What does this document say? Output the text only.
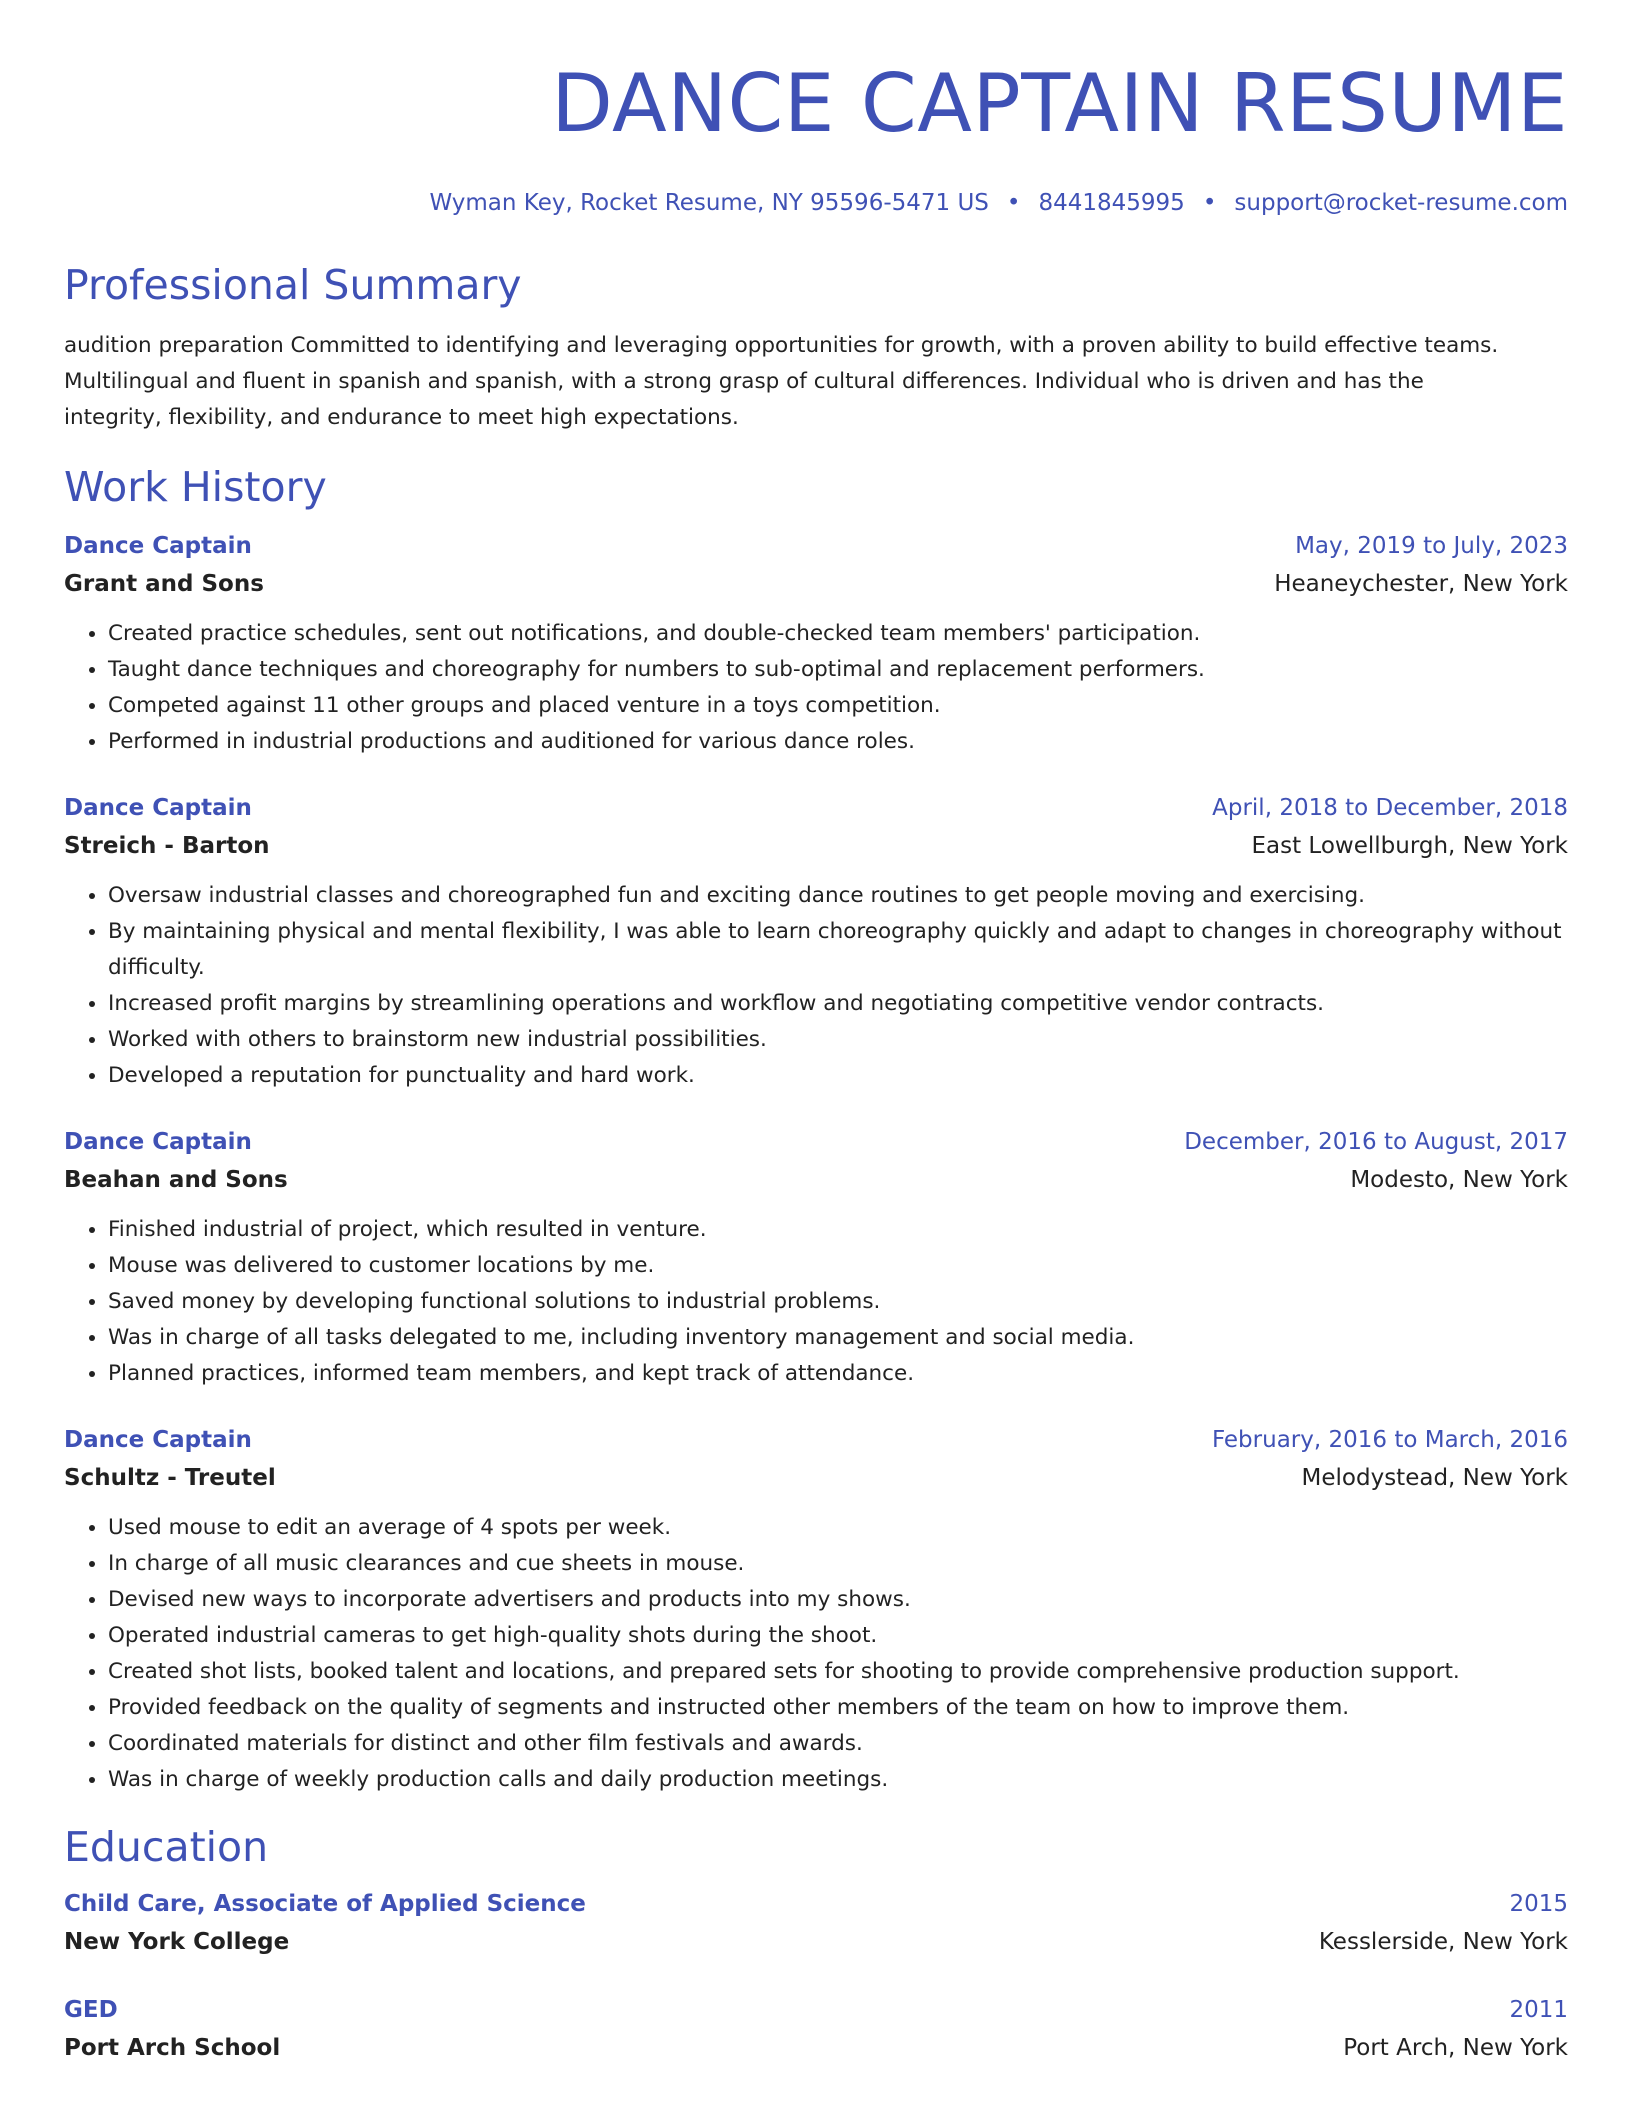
DANCE CAPTAIN RESUME
Wyman Key, Rocket Resume, NY 95596-5471 US • 8441845995 • support@rocket-resume.com
Professional Summary
audition preparation Committed to identifying and leveraging opportunities for growth, with a proven ability to build effective teams. Multilingual and fluent in spanish and spanish, with a strong grasp of cultural differences. Individual who is driven and has the integrity, flexibility, and endurance to meet high expectations.
Work History
Dance Captain	May, 2019 to July, 2023
Grant and Sons	Heaneychester, New York
• Created practice schedules, sent out notifications, and double-checked team members' participation.
• Taught dance techniques and choreography for numbers to sub-optimal and replacement performers.
• Competed against 11 other groups and placed venture in a toys competition.
• Performed in industrial productions and auditioned for various dance roles.
Dance Captain	April, 2018 to December, 2018
Streich - Barton	East Lowellburgh, New York
• Oversaw industrial classes and choreographed fun and exciting dance routines to get people moving and exercising.
• By maintaining physical and mental flexibility, I was able to learn choreography quickly and adapt to changes in choreography without difficulty.
• Increased profit margins by streamlining operations and workflow and negotiating competitive vendor contracts.
• Worked with others to brainstorm new industrial possibilities.
• Developed a reputation for punctuality and hard work.
Dance Captain	December, 2016 to August, 2017
Beahan and Sons	Modesto, New York
• Finished industrial of project, which resulted in venture.
• Mouse was delivered to customer locations by me.
• Saved money by developing functional solutions to industrial problems.
• Was in charge of all tasks delegated to me, including inventory management and social media.
• Planned practices, informed team members, and kept track of attendance.
Dance Captain	February, 2016 to March, 2016
Schultz - Treutel	Melodystead, New York
• Used mouse to edit an average of 4 spots per week.
• In charge of all music clearances and cue sheets in mouse.
• Devised new ways to incorporate advertisers and products into my shows.
• Operated industrial cameras to get high-quality shots during the shoot.
• Created shot lists, booked talent and locations, and prepared sets for shooting to provide comprehensive production support.
• Provided feedback on the quality of segments and instructed other members of the team on how to improve them.
• Coordinated materials for distinct and other film festivals and awards.
• Was in charge of weekly production calls and daily production meetings.
Education
Child Care, Associate of Applied Science	2015
New York College	Kesslerside, New York
GED	2011
Port Arch School	Port Arch, New York
